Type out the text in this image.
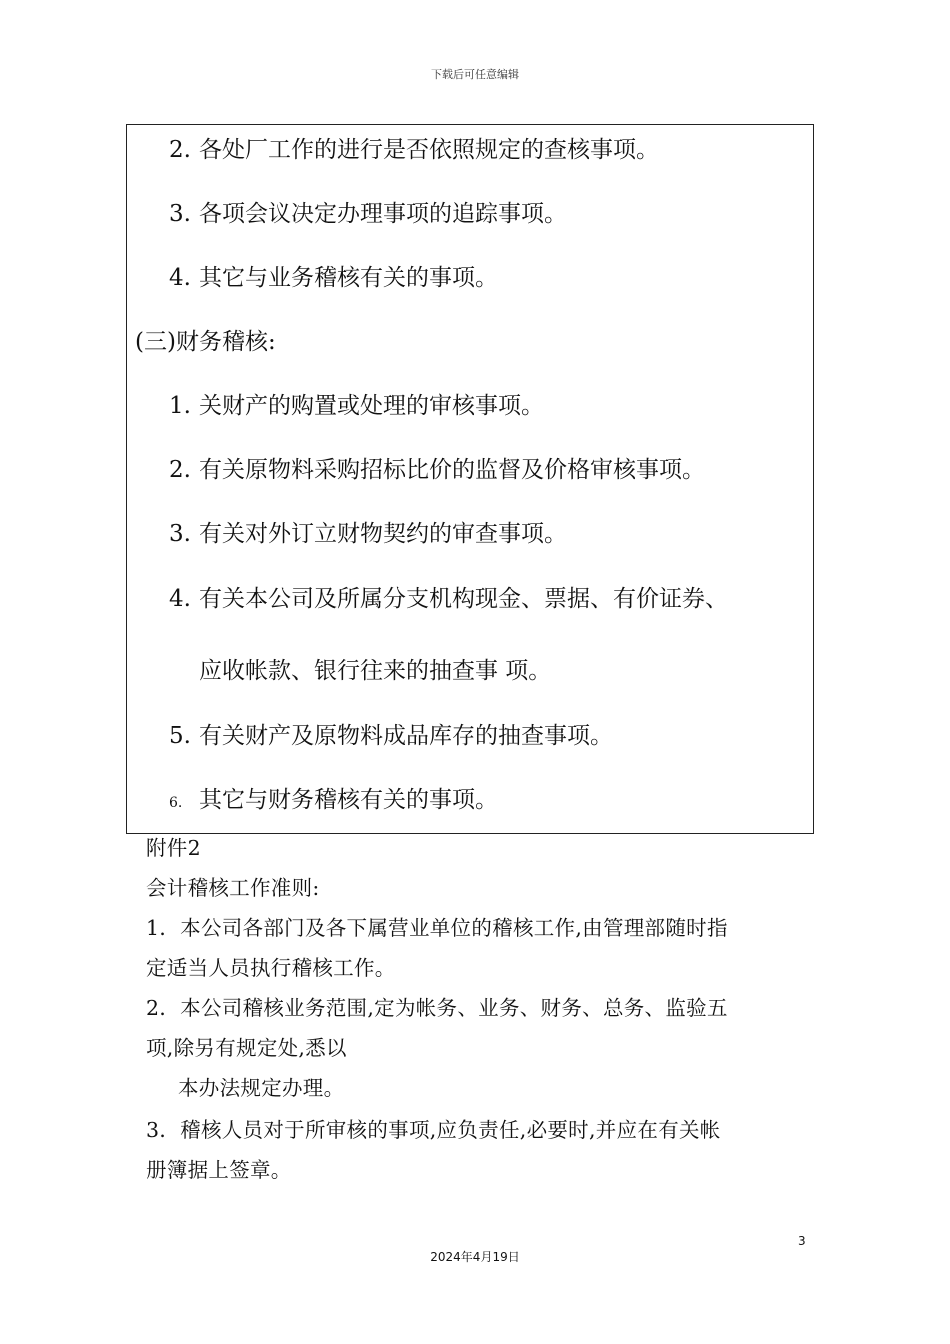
下载后可任意编辑
2. 各处厂工作的进行是否依照规定的查核事项。
3. 各项会议决定办理事项的追踪事项。
4. 其它与业务稽核有关的事项。
(三)财务稽核:
1. 关财产的购置或处理的审核事项。
2. 有关原物料采购招标比价的监督及价格审核事项。
3. 有关对外订立财物契约的审查事项。
4. 有关本公司及所属分支机构现金、票据、有价证券、
应收帐款、银行往来的抽查事 项。
5. 有关财产及原物料成品库存的抽查事项。
6. 其它与财务稽核有关的事项。
附件2
会计稽核工作准则:
1．本公司各部门及各下属营业单位的稽核工作,由管理部随时指
定适当人员执行稽核工作。
2．本公司稽核业务范围,定为帐务、业务、财务、总务、监验五
项,除另有规定处,悉以
本办法规定办理。
3．稽核人员对于所审核的事项,应负责任,必要时,并应在有关帐
册簿据上签章。
3
2024年4月19日
